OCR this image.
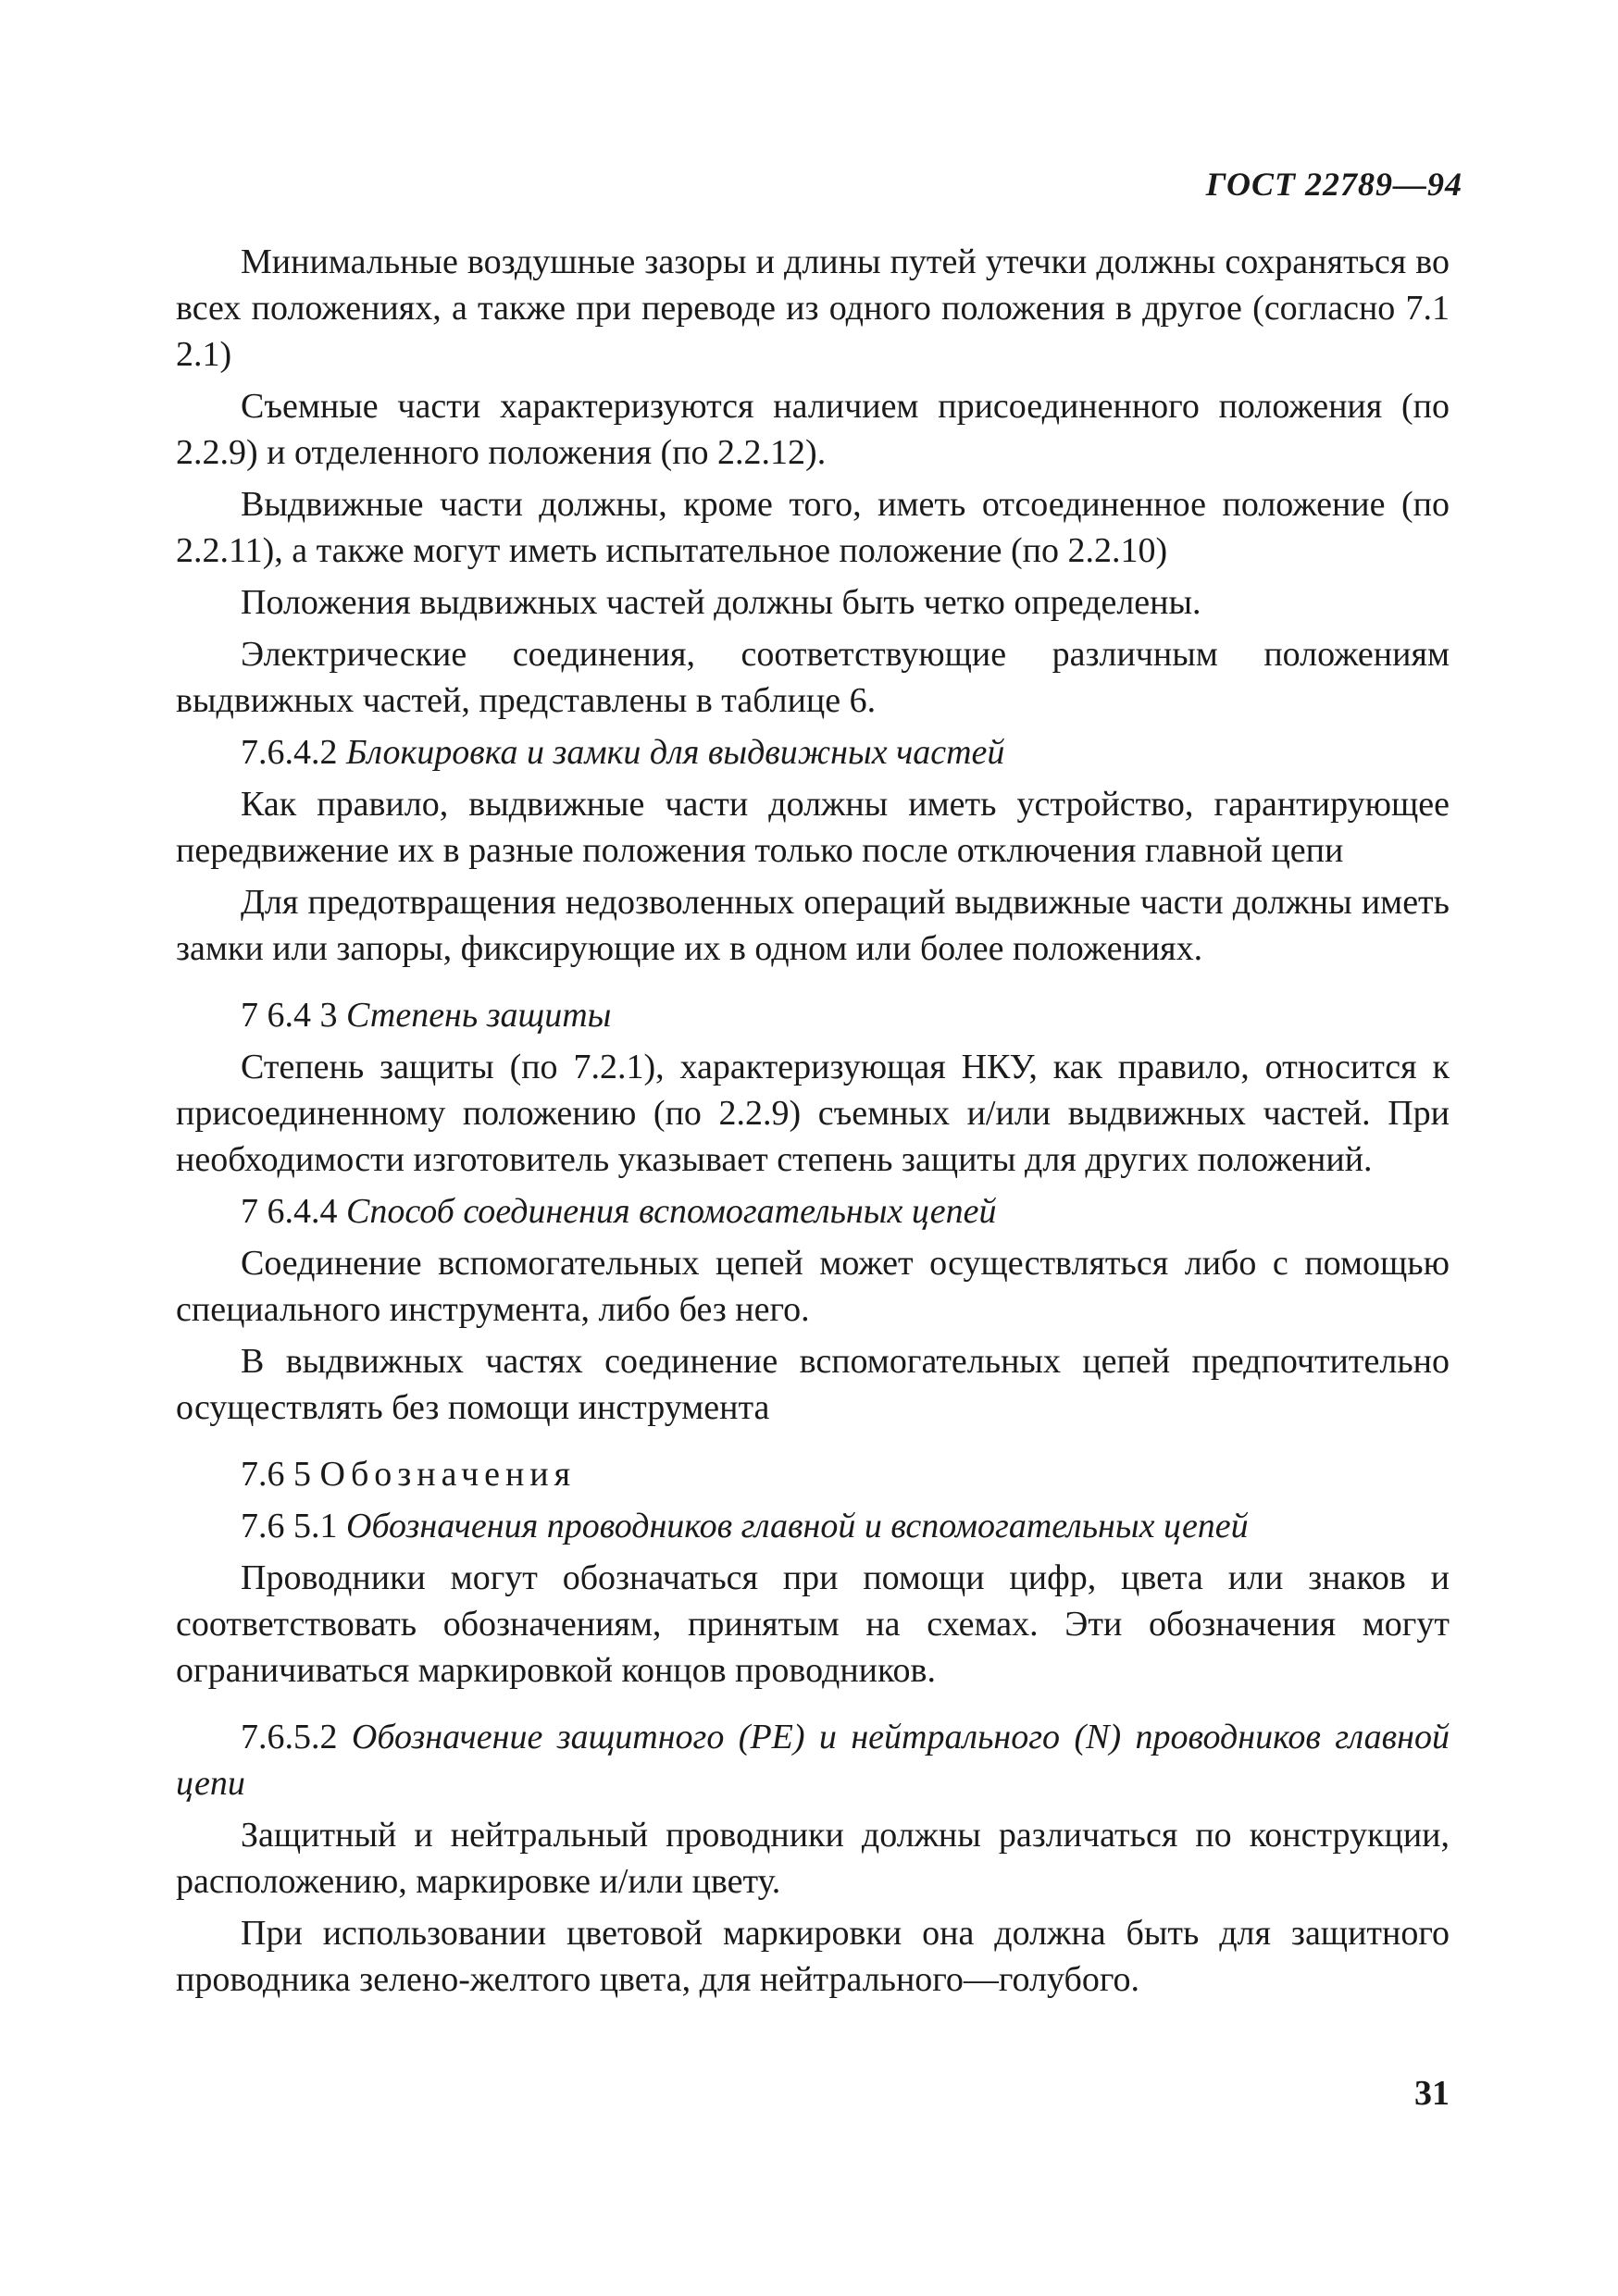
ГОСТ 22789—94

Минимальные воздушные зазоры и длины путей утечки должны сохраняться во всех положениях, а также при переводе из одного положения в другое (согласно 7.1 2.1)

Съемные части характеризуются наличием присоединенного положения (по 2.2.9) и отделенного положения (по 2.2.12).

Выдвижные части должны, кроме того, иметь отсоединенное положение (по 2.2.11), а также могут иметь испытательное положение (по 2.2.10)

Положения выдвижных частей должны быть четко определены.

Электрические соединения, соответствующие различным положениям выдвижных частей, представлены в таблице 6.

7.6.4.2 Блокировка и замки для выдвижных частей

Как правило, выдвижные части должны иметь устройство, гарантирующее передвижение их в разные положения только после отключения главной цепи

Для предотвращения недозволенных операций выдвижные части должны иметь замки или запоры, фиксирующие их в одном или более положениях.

7 6.4 3 Степень защиты

Степень защиты (по 7.2.1), характеризующая НКУ, как правило, относится к присоединенному положению (по 2.2.9) съемных и/или выдвижных частей. При необходимости изготовитель указывает степень защиты для других положений.

7 6.4.4 Способ соединения вспомогательных цепей

Соединение вспомогательных цепей может осуществляться либо с помощью специального инструмента, либо без него.

В выдвижных частях соединение вспомогательных цепей предпочтительно осуществлять без помощи инструмента

7.6 5 Обозначения

7.6 5.1 Обозначения проводников главной и вспомогательных цепей

Проводники могут обозначаться при помощи цифр, цвета или знаков и соответствовать обозначениям, принятым на схемах. Эти обозначения могут ограничиваться маркировкой концов проводников.

7.6.5.2 Обозначение защитного (PE) и нейтрального (N) проводников главной цепи

Защитный и нейтральный проводники должны различаться по конструкции, расположению, маркировке и/или цвету.

При использовании цветовой маркировки она должна быть для защитного проводника зелено-желтого цвета, для нейтрального—голубого.

31
